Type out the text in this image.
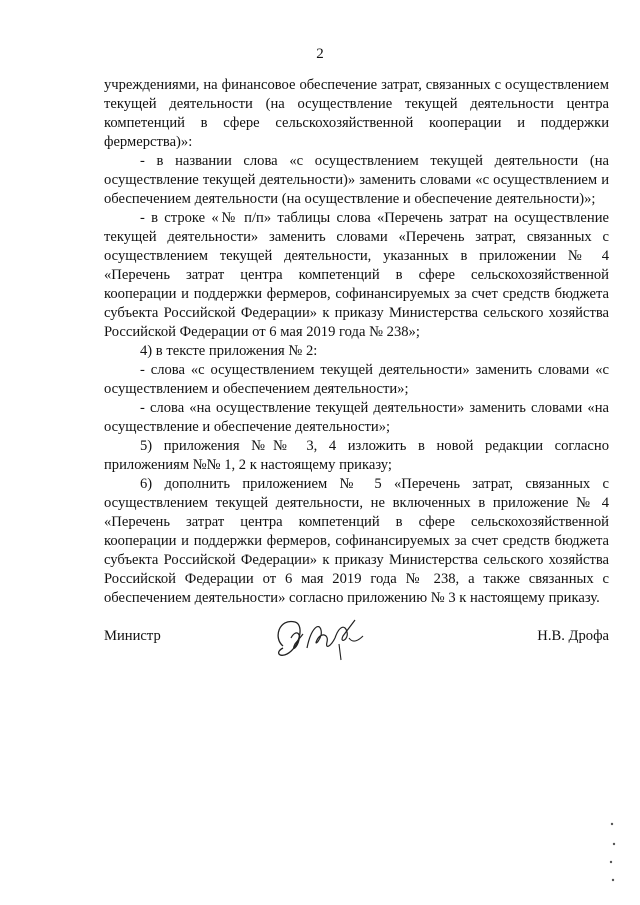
2

учреждениями, на финансовое обеспечение затрат, связанных с осуществлением текущей деятельности (на осуществление текущей деятельности центра компетенций в сфере сельскохозяйственной кооперации и поддержки фермерства)»:

- в названии слова «с осуществлением текущей деятельности (на осуществление текущей деятельности)» заменить словами «с осуществлением и обеспечением деятельности (на осуществление и обеспечение деятельности)»;

- в строке «№ п/п» таблицы слова «Перечень затрат на осуществление текущей деятельности» заменить словами «Перечень затрат, связанных с осуществлением текущей деятельности, указанных в приложении № 4 «Перечень затрат центра компетенций в сфере сельскохозяйственной кооперации и поддержки фермеров, софинансируемых за счет средств бюджета субъекта Российской Федерации» к приказу Министерства сельского хозяйства Российской Федерации от 6 мая 2019 года № 238»;

4) в тексте приложения № 2:

- слова «с осуществлением текущей деятельности» заменить словами «с осуществлением и обеспечением деятельности»;

- слова «на осуществление текущей деятельности» заменить словами «на осуществление и обеспечение деятельности»;

5) приложения №№ 3, 4 изложить в новой редакции согласно приложениям №№ 1, 2 к настоящему приказу;

6) дополнить приложением № 5 «Перечень затрат, связанных с осуществлением текущей деятельности, не включенных в приложение № 4 «Перечень затрат центра компетенций в сфере сельскохозяйственной кооперации и поддержки фермеров, софинансируемых за счет средств бюджета субъекта Российской Федерации» к приказу Министерства сельского хозяйства Российской Федерации от 6 мая 2019 года № 238, а также связанных с обеспечением деятельности» согласно приложению № 3 к настоящему приказу.

Министр	Н.В. Дрофа
